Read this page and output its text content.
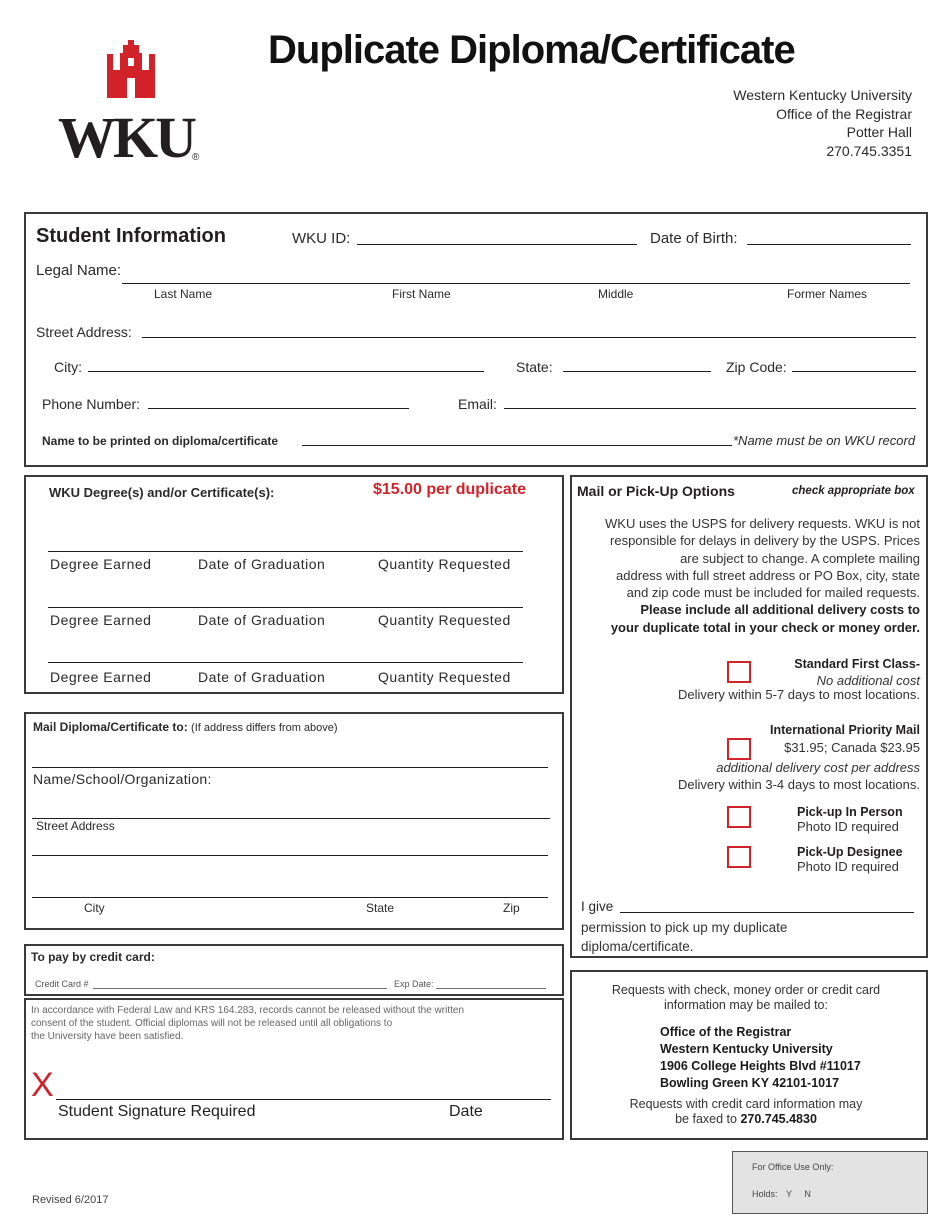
WKU
®
Duplicate Diploma/Certificate
Western Kentucky University
Office of the Registrar
Potter Hall
270.745.3351
Student Information	WKU ID:	Date of Birth:
Legal Name:
Last Name	First Name	Middle	Former Names
Street Address:
City:	State:	Zip Code:
Phone Number:	Email:
Name to be printed on diploma/certificate	*Name must be on WKU record
WKU Degree(s) and/or Certificate(s):	$15.00 per duplicate
Degree Earned	Date of Graduation	Quantity Requested
Degree Earned	Date of Graduation	Quantity Requested
Degree Earned	Date of Graduation	Quantity Requested
Mail Diploma/Certificate to: (If address differs from above)
Name/School/Organization:
Street Address
City	State	Zip
To pay by credit card:
Credit Card #	Exp Date:
In accordance with Federal Law and KRS 164.283, records cannot be released without the written
consent of the student. Official diplomas will not be released until all obligations to
the University have been satisfied.
X
Student Signature Required	Date
Mail or Pick-Up Options	check appropriate box
WKU uses the USPS for delivery requests. WKU is not
responsible for delays in delivery by the USPS. Prices
are subject to change. A complete mailing
address with full street address or PO Box, city, state
and zip code must be included for mailed requests.
Please include all additional delivery costs to
your duplicate total in your check or money order.
Standard First Class-
No additional cost
Delivery within 5-7 days to most locations.
International Priority Mail
$31.95; Canada $23.95
additional delivery cost per address
Delivery within 3-4 days to most locations.
Pick-up In Person
Photo ID required
Pick-Up Designee
Photo ID required
I give
permission to pick up my duplicate
diploma/certificate.
Requests with check, money order or credit card
information may be mailed to:
Office of the Registrar
Western Kentucky University
1906 College Heights Blvd #11017
Bowling Green KY 42101-1017
Requests with credit card information may
be faxed to 270.745.4830
Revised 6/2017
For Office Use Only:
Holds: Y N
